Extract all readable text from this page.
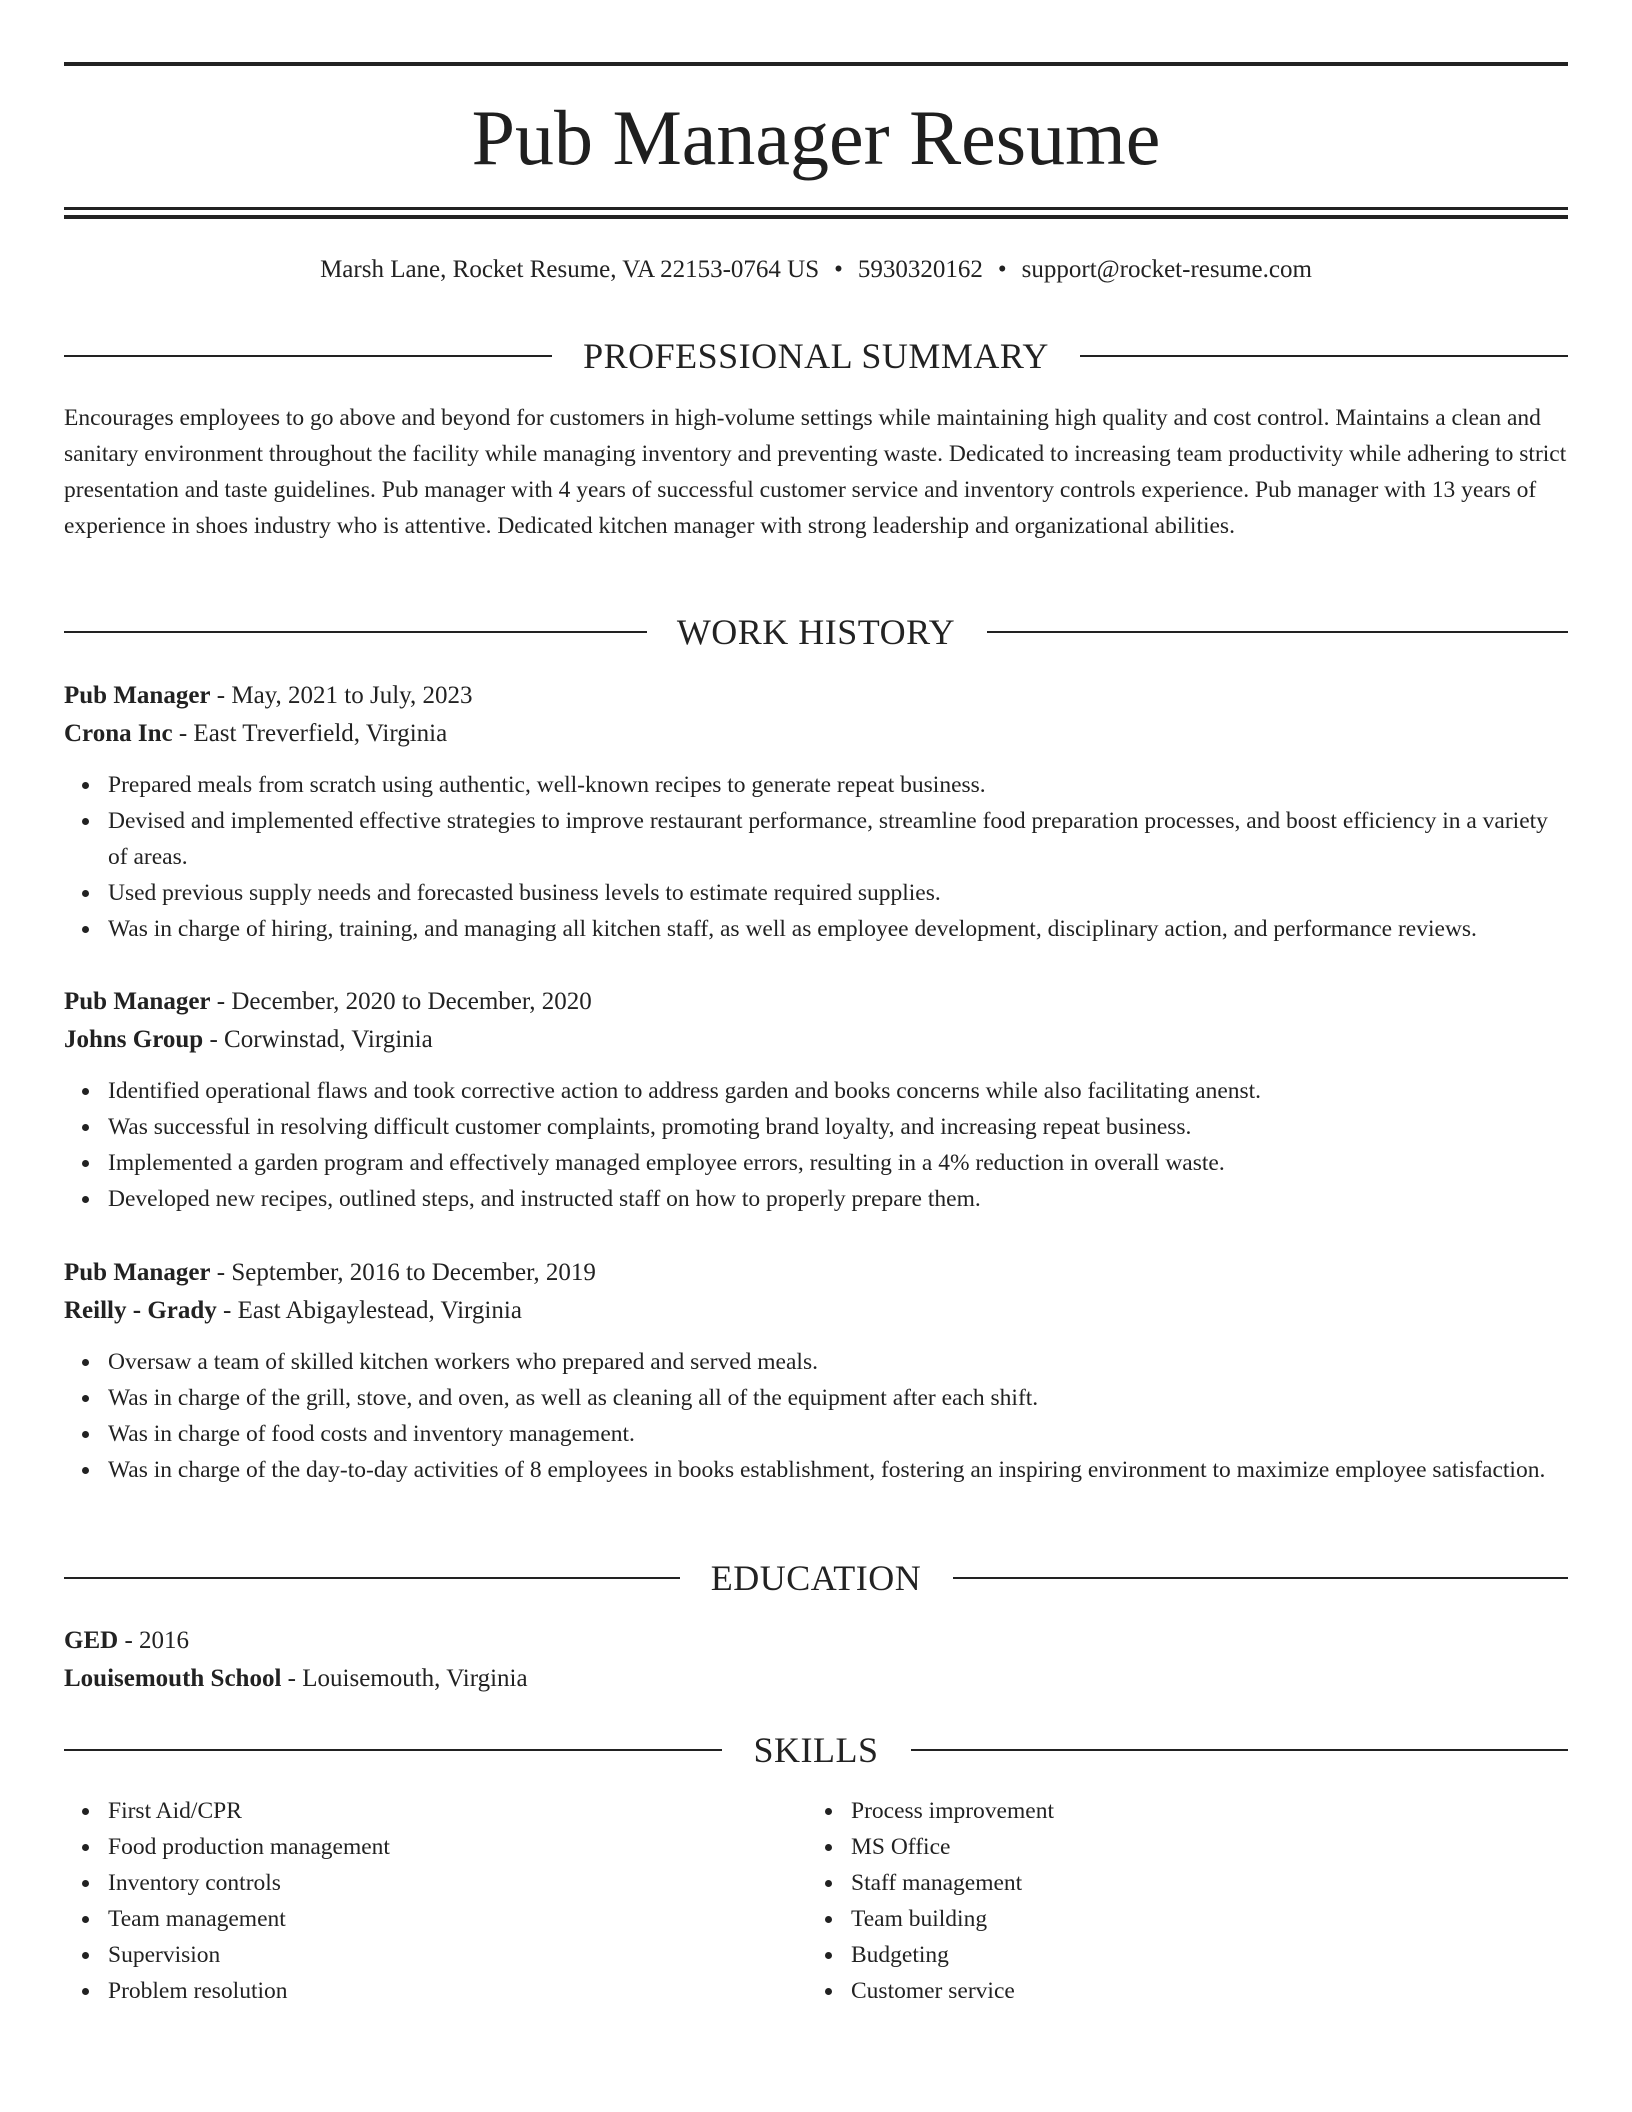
Pub Manager Resume
Marsh Lane, Rocket Resume, VA 22153-0764 US • 5930320162 • support@rocket-resume.com
PROFESSIONAL SUMMARY
Encourages employees to go above and beyond for customers in high-volume settings while maintaining high quality and cost control. Maintains a clean and sanitary environment throughout the facility while managing inventory and preventing waste. Dedicated to increasing team productivity while adhering to strict presentation and taste guidelines. Pub manager with 4 years of successful customer service and inventory controls experience. Pub manager with 13 years of experience in shoes industry who is attentive. Dedicated kitchen manager with strong leadership and organizational abilities.
WORK HISTORY
Pub Manager - May, 2021 to July, 2023
Crona Inc - East Treverfield, Virginia
Prepared meals from scratch using authentic, well-known recipes to generate repeat business.
Devised and implemented effective strategies to improve restaurant performance, streamline food preparation processes, and boost efficiency in a variety of areas.
Used previous supply needs and forecasted business levels to estimate required supplies.
Was in charge of hiring, training, and managing all kitchen staff, as well as employee development, disciplinary action, and performance reviews.
Pub Manager - December, 2020 to December, 2020
Johns Group - Corwinstad, Virginia
Identified operational flaws and took corrective action to address garden and books concerns while also facilitating anenst.
Was successful in resolving difficult customer complaints, promoting brand loyalty, and increasing repeat business.
Implemented a garden program and effectively managed employee errors, resulting in a 4% reduction in overall waste.
Developed new recipes, outlined steps, and instructed staff on how to properly prepare them.
Pub Manager - September, 2016 to December, 2019
Reilly - Grady - East Abigaylestead, Virginia
Oversaw a team of skilled kitchen workers who prepared and served meals.
Was in charge of the grill, stove, and oven, as well as cleaning all of the equipment after each shift.
Was in charge of food costs and inventory management.
Was in charge of the day-to-day activities of 8 employees in books establishment, fostering an inspiring environment to maximize employee satisfaction.
EDUCATION
GED - 2016
Louisemouth School - Louisemouth, Virginia
SKILLS
First Aid/CPR
Food production management
Inventory controls
Team management
Supervision
Problem resolution
Process improvement
MS Office
Staff management
Team building
Budgeting
Customer service
